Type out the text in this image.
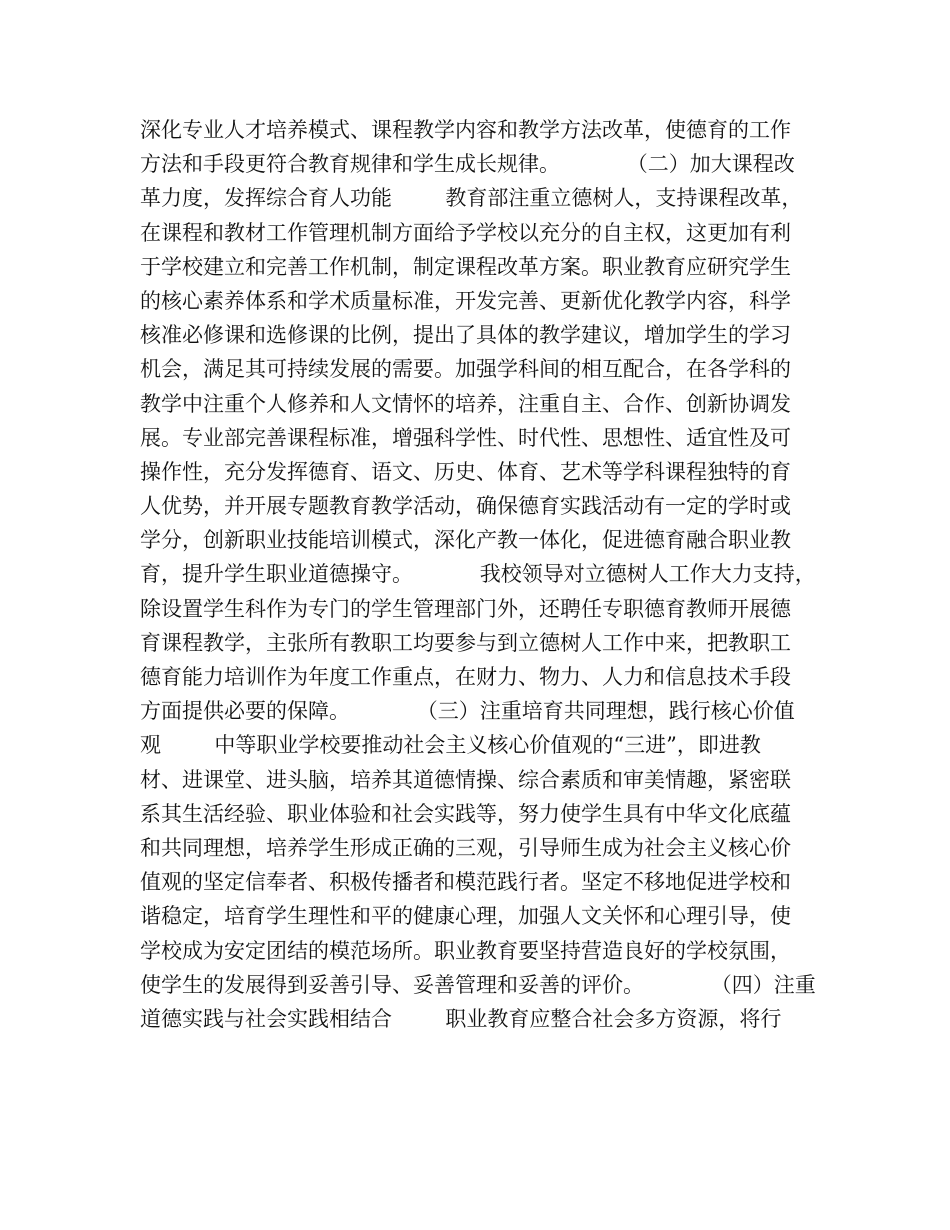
深化专业人才培养模式、课程教学内容和教学方法改革，使德育的工作
方法和手段更符合教育规律和学生成长规律。          （二）加大课程改
革力度，发挥综合育人功能        教育部注重立德树人，支持课程改革，
在课程和教材工作管理机制方面给予学校以充分的自主权，这更加有利
于学校建立和完善工作机制，制定课程改革方案。职业教育应研究学生
的核心素养体系和学术质量标准，开发完善、更新优化教学内容，科学
核准必修课和选修课的比例，提出了具体的教学建议，增加学生的学习
机会，满足其可持续发展的需要。加强学科间的相互配合，在各学科的
教学中注重个人修养和人文情怀的培养，注重自主、合作、创新协调发
展。专业部完善课程标准，增强科学性、时代性、思想性、适宜性及可
操作性，充分发挥德育、语文、历史、体育、艺术等学科课程独特的育
人优势，并开展专题教育教学活动，确保德育实践活动有一定的学时或
学分，创新职业技能培训模式，深化产教一体化，促进德育融合职业教
育，提升学生职业道德操守。          我校领导对立德树人工作大力支持，
除设置学生科作为专门的学生管理部门外，还聘任专职德育教师开展德
育课程教学，主张所有教职工均要参与到立德树人工作中来，把教职工
德育能力培训作为年度工作重点，在财力、物力、人力和信息技术手段
方面提供必要的保障。          （三）注重培育共同理想，践行核心价值
观        中等职业学校要推动社会主义核心价值观的“三进”，即进教
材、进课堂、进头脑，培养其道德情操、综合素质和审美情趣，紧密联
系其生活经验、职业体验和社会实践等，努力使学生具有中华文化底蕴
和共同理想，培养学生形成正确的三观，引导师生成为社会主义核心价
值观的坚定信奉者、积极传播者和模范践行者。坚定不移地促进学校和
谐稳定，培育学生理性和平的健康心理，加强人文关怀和心理引导，使
学校成为安定团结的模范场所。职业教育要坚持营造良好的学校氛围，
使学生的发展得到妥善引导、妥善管理和妥善的评价。          （四）注重
道德实践与社会实践相结合        职业教育应整合社会多方资源，将行
